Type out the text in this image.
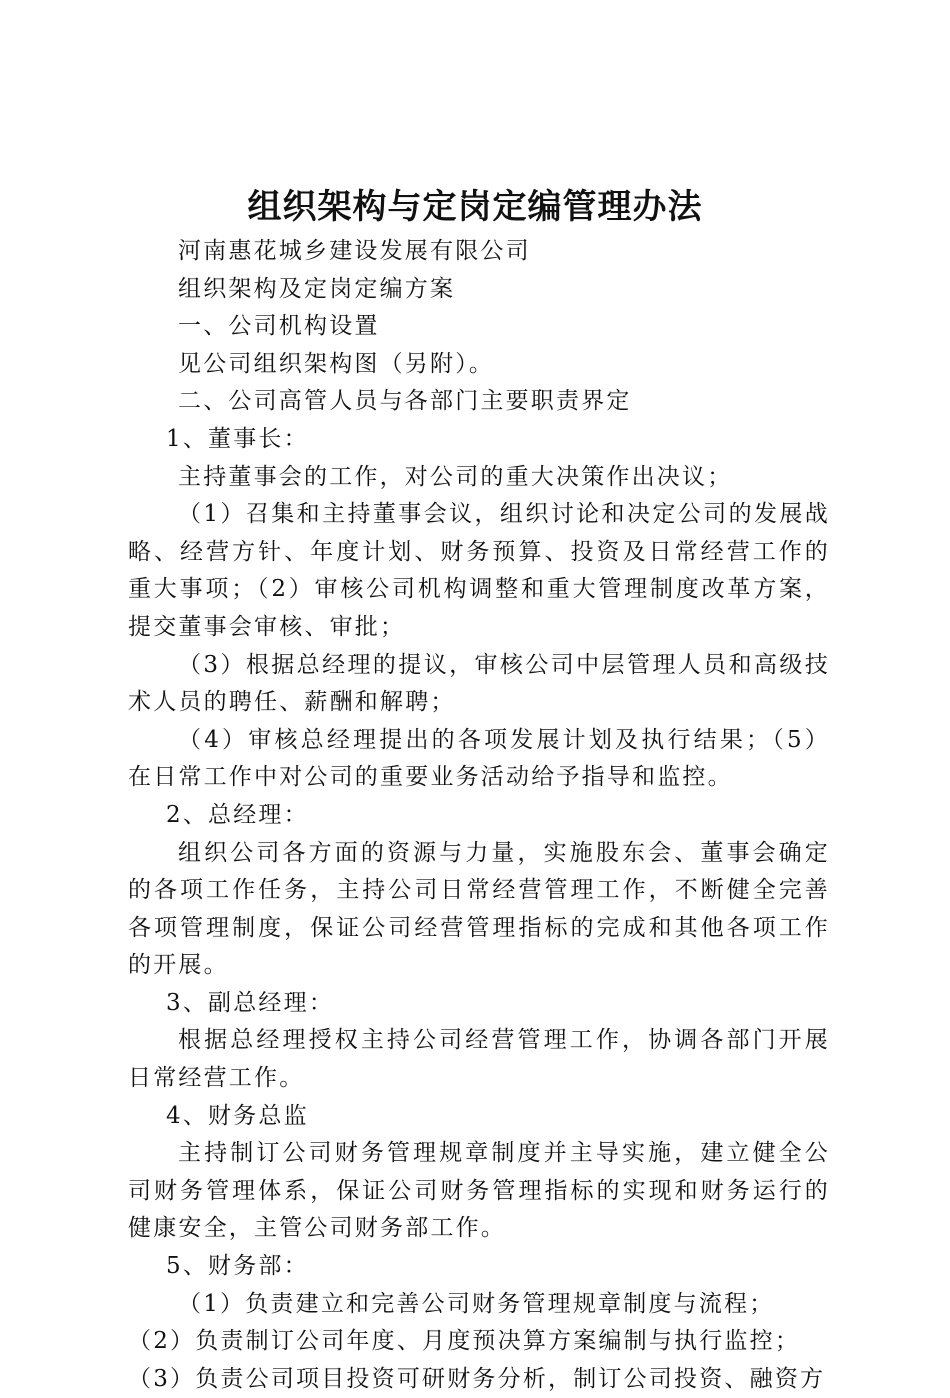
组织架构与定岗定编管理办法

河南惠花城乡建设发展有限公司

组织架构及定岗定编方案

一、公司机构设置

见公司组织架构图（另附）。

二、公司高管人员与各部门主要职责界定

1、董事长：

主持董事会的工作，对公司的重大决策作出决议；

（1）召集和主持董事会议，组织讨论和决定公司的发展战略、经营方针、年度计划、财务预算、投资及日常经营工作的重大事项；（2）审核公司机构调整和重大管理制度改革方案，提交董事会审核、审批；

（3）根据总经理的提议，审核公司中层管理人员和高级技术人员的聘任、薪酬和解聘；

（4）审核总经理提出的各项发展计划及执行结果；（5）在日常工作中对公司的重要业务活动给予指导和监控。

2、总经理：

组织公司各方面的资源与力量，实施股东会、董事会确定的各项工作任务，主持公司日常经营管理工作，不断健全完善各项管理制度，保证公司经营管理指标的完成和其他各项工作的开展。

3、副总经理：

根据总经理授权主持公司经营管理工作，协调各部门开展日常经营工作。

4、财务总监

主持制订公司财务管理规章制度并主导实施，建立健全公司财务管理体系，保证公司财务管理指标的实现和财务运行的健康安全，主管公司财务部工作。

5、财务部：

（1）负责建立和完善公司财务管理规章制度与流程；

（2）负责制订公司年度、月度预决算方案编制与执行监控；

（3）负责公司项目投资可研财务分析，制订公司投资、融资方
